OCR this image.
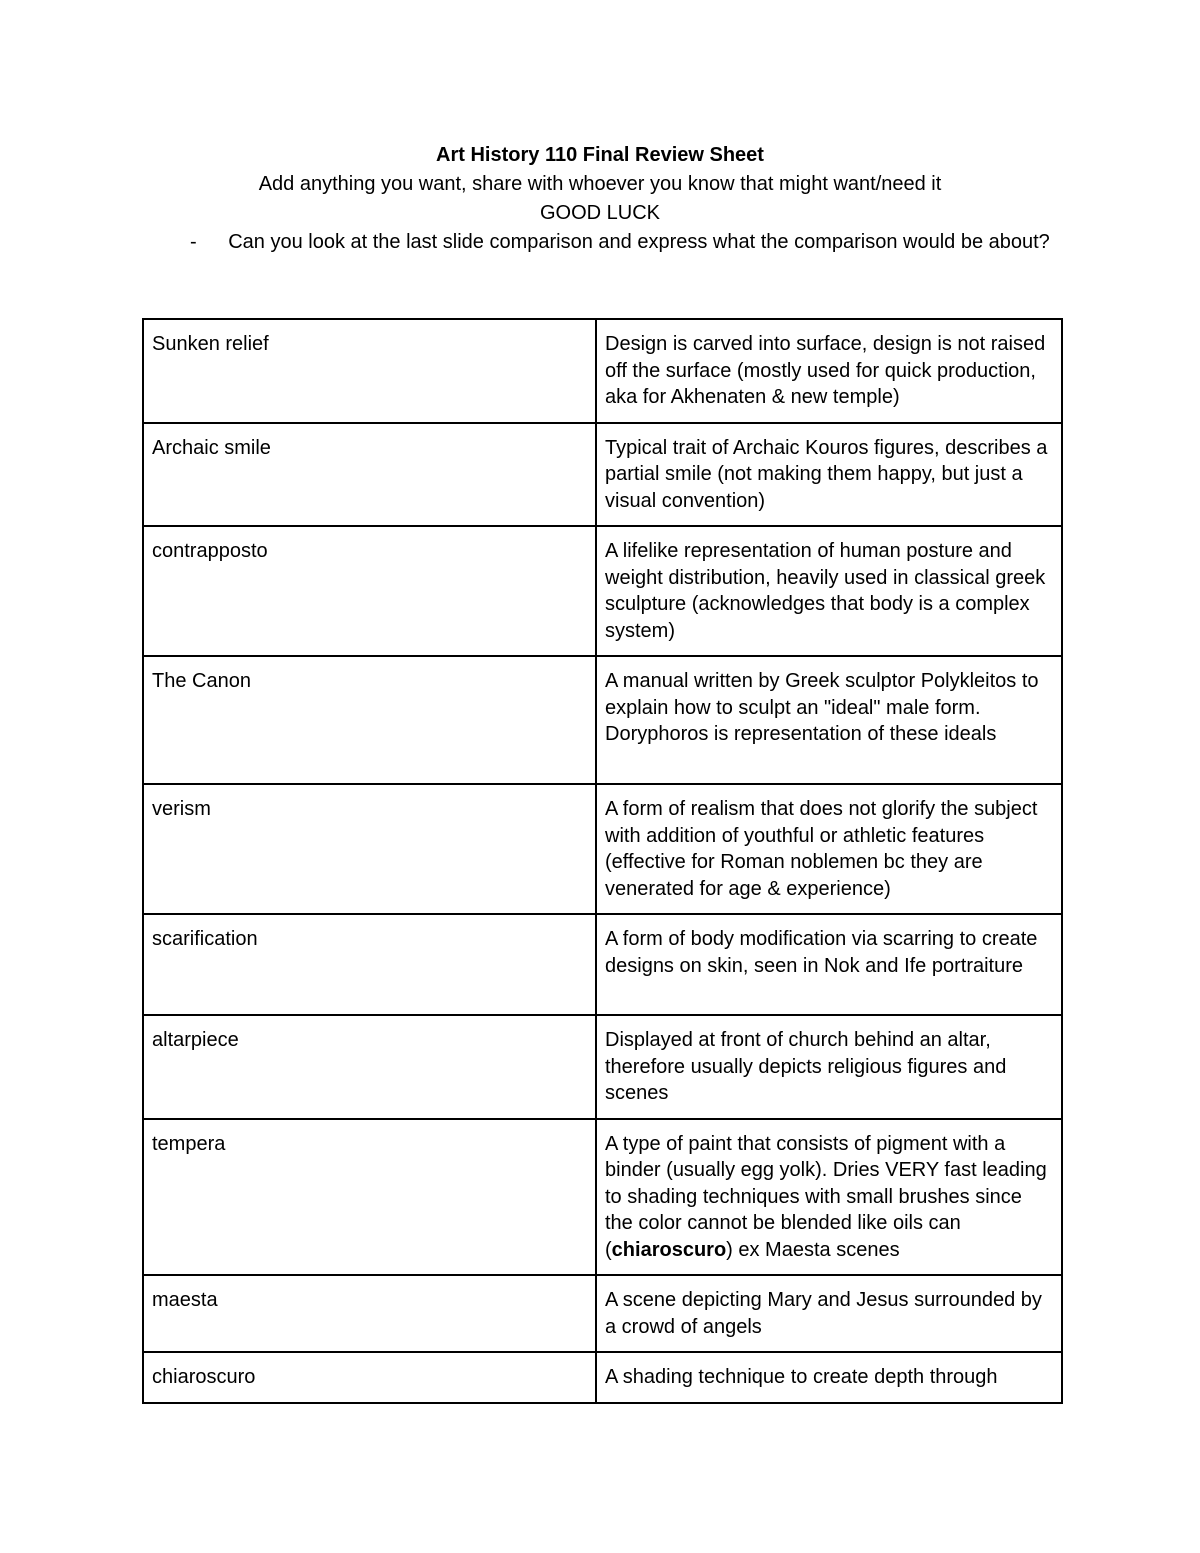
Art History 110 Final Review Sheet
Add anything you want, share with whoever you know that might want/need it
GOOD LUCK
- Can you look at the last slide comparison and express what the comparison would be about?
Sunken relief	Design is carved into surface, design is not raised off the surface (mostly used for quick production, aka for Akhenaten & new temple)
Archaic smile	Typical trait of Archaic Kouros figures, describes a partial smile (not making them happy, but just a visual convention)
contrapposto	A lifelike representation of human posture and weight distribution, heavily used in classical greek sculpture (acknowledges that body is a complex system)
The Canon	A manual written by Greek sculptor Polykleitos to explain how to sculpt an "ideal" male form. Doryphoros is representation of these ideals
verism	A form of realism that does not glorify the subject with addition of youthful or athletic features (effective for Roman noblemen bc they are venerated for age & experience)
scarification	A form of body modification via scarring to create designs on skin, seen in Nok and Ife portraiture
altarpiece	Displayed at front of church behind an altar, therefore usually depicts religious figures and scenes
tempera	A type of paint that consists of pigment with a binder (usually egg yolk). Dries VERY fast leading to shading techniques with small brushes since the color cannot be blended like oils can (chiaroscuro) ex Maesta scenes
maesta	A scene depicting Mary and Jesus surrounded by a crowd of angels
chiaroscuro	A shading technique to create depth through
